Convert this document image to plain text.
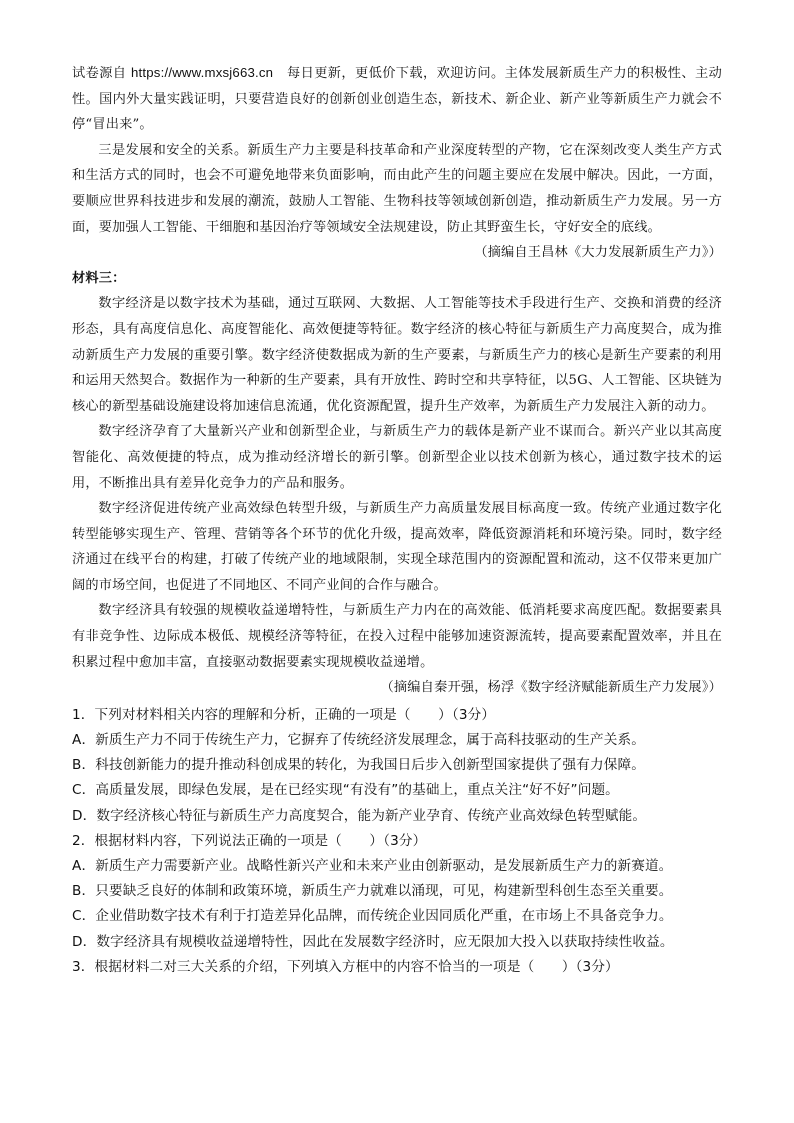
试卷源自 https://www.mxsj663.cn 每日更新，更低价下载，欢迎访问。主体发展新质生产力的积极性、主动性。国内外大量实践证明，只要营造良好的创新创业创造生态，新技术、新企业、新产业等新质生产力就会不停“冒出来”。

三是发展和安全的关系。新质生产力主要是科技革命和产业深度转型的产物，它在深刻改变人类生产方式和生活方式的同时，也会不可避免地带来负面影响，而由此产生的问题主要应在发展中解决。因此，一方面，要顺应世界科技进步和发展的潮流，鼓励人工智能、生物科技等领域创新创造，推动新质生产力发展。另一方面，要加强人工智能、干细胞和基因治疗等领域安全法规建设，防止其野蛮生长，守好安全的底线。

（摘编自王昌林《大力发展新质生产力》）

材料三：

数字经济是以数字技术为基础，通过互联网、大数据、人工智能等技术手段进行生产、交换和消费的经济形态，具有高度信息化、高度智能化、高效便捷等特征。数字经济的核心特征与新质生产力高度契合，成为推动新质生产力发展的重要引擎。数字经济使数据成为新的生产要素，与新质生产力的核心是新生产要素的利用和运用天然契合。数据作为一种新的生产要素，具有开放性、跨时空和共享特征，以5G、人工智能、区块链为核心的新型基础设施建设将加速信息流通，优化资源配置，提升生产效率，为新质生产力发展注入新的动力。

数字经济孕育了大量新兴产业和创新型企业，与新质生产力的载体是新产业不谋而合。新兴产业以其高度智能化、高效便捷的特点，成为推动经济增长的新引擎。创新型企业以技术创新为核心，通过数字技术的运用，不断推出具有差异化竞争力的产品和服务。

数字经济促进传统产业高效绿色转型升级，与新质生产力高质量发展目标高度一致。传统产业通过数字化转型能够实现生产、管理、营销等各个环节的优化升级，提高效率，降低资源消耗和环境污染。同时，数字经济通过在线平台的构建，打破了传统产业的地域限制，实现全球范围内的资源配置和流动，这不仅带来更加广阔的市场空间，也促进了不同地区、不同产业间的合作与融合。

数字经济具有较强的规模收益递增特性，与新质生产力内在的高效能、低消耗要求高度匹配。数据要素具有非竞争性、边际成本极低、规模经济等特征，在投入过程中能够加速资源流转，提高要素配置效率，并且在积累过程中愈加丰富，直接驱动数据要素实现规模收益递增。

（摘编自秦开强，杨浮《数字经济赋能新质生产力发展》）

1．下列对材料相关内容的理解和分析，正确的一项是（　　）（3分）

A．新质生产力不同于传统生产力，它摒弃了传统经济发展理念，属于高科技驱动的生产关系。

B．科技创新能力的提升推动科创成果的转化，为我国日后步入创新型国家提供了强有力保障。

C．高质量发展，即绿色发展，是在已经实现“有没有”的基础上，重点关注“好不好”问题。

D．数字经济核心特征与新质生产力高度契合，能为新产业孕育、传统产业高效绿色转型赋能。

2．根据材料内容，下列说法正确的一项是（　　）（3分）

A．新质生产力需要新产业。战略性新兴产业和未来产业由创新驱动，是发展新质生产力的新赛道。

B．只要缺乏良好的体制和政策环境，新质生产力就难以涌现，可见，构建新型科创生态至关重要。

C．企业借助数字技术有利于打造差异化品牌，而传统企业因同质化严重，在市场上不具备竞争力。

D．数字经济具有规模收益递增特性，因此在发展数字经济时，应无限加大投入以获取持续性收益。

3．根据材料二对三大关系的介绍，下列填入方框中的内容不恰当的一项是（　　）（3分）
